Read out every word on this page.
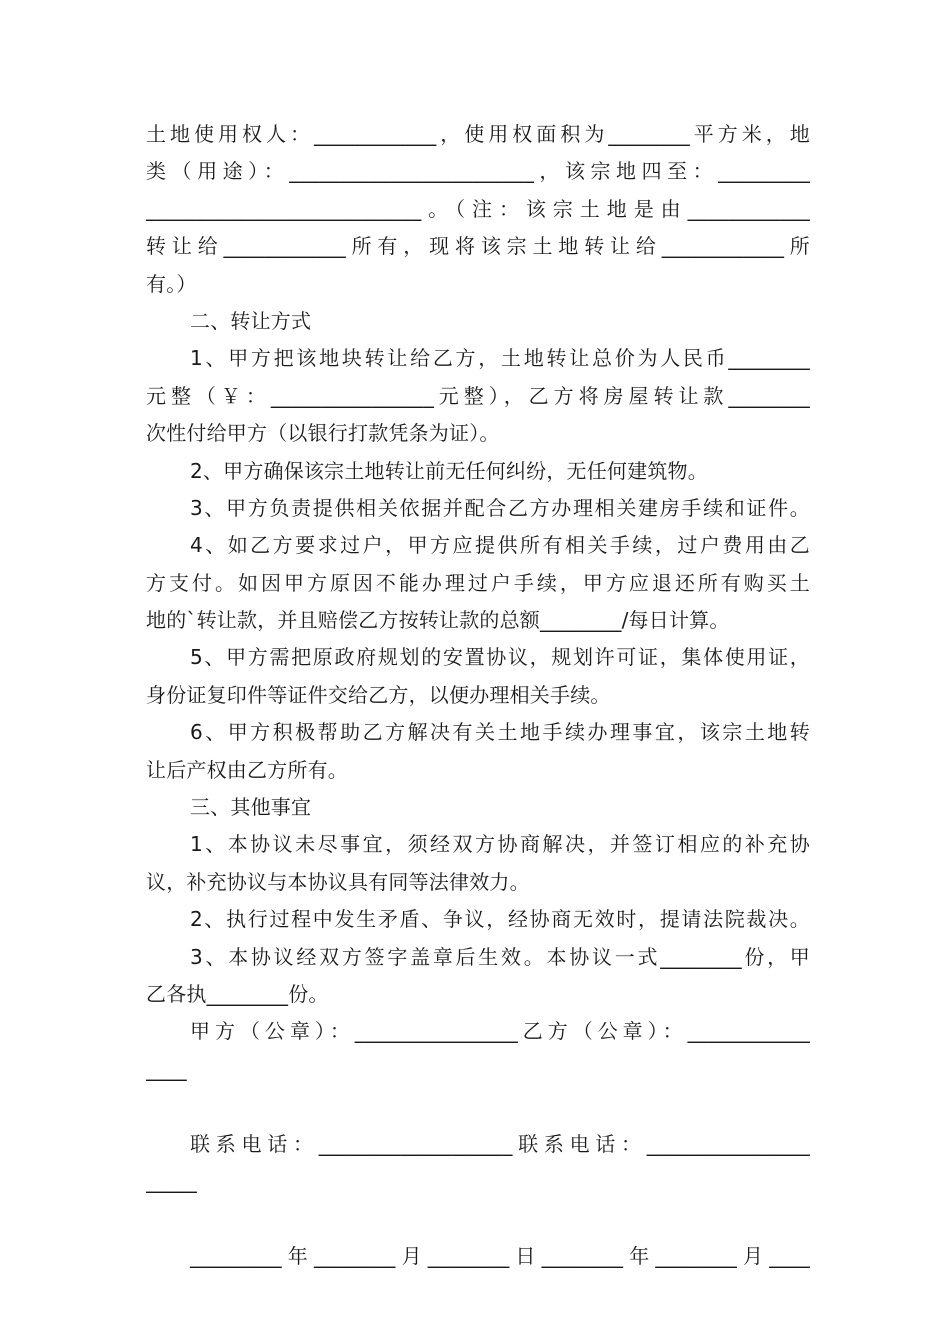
土地使用权人：____________，使用权面积为________平方米，地
类（用途）：________________________，该宗地四至：_________
___________________________。（注：该宗土地是由____________
转让给____________所有，现将该宗土地转让给____________所
有。）
二、转让方式
1、甲方把该地块转让给乙方，土地转让总价为人民币________
元整（￥：________________元整），乙方将房屋转让款________
次性付给甲方（以银行打款凭条为证）。
2、甲方确保该宗土地转让前无任何纠纷，无任何建筑物。
3、甲方负责提供相关依据并配合乙方办理相关建房手续和证件。
4、如乙方要求过户，甲方应提供所有相关手续，过户费用由乙
方支付。如因甲方原因不能办理过户手续，甲方应退还所有购买土
地的`转让款，并且赔偿乙方按转让款的总额________/每日计算。
5、甲方需把原政府规划的安置协议，规划许可证，集体使用证，
身份证复印件等证件交给乙方，以便办理相关手续。
6、甲方积极帮助乙方解决有关土地手续办理事宜，该宗土地转
让后产权由乙方所有。
三、其他事宜
1、本协议未尽事宜，须经双方协商解决，并签订相应的补充协
议，补充协议与本协议具有同等法律效力。
2、执行过程中发生矛盾、争议，经协商无效时，提请法院裁决。
3、本协议经双方签字盖章后生效。本协议一式________份，甲
乙各执________份。
甲方（公章）：________________乙方（公章）：____________
____
联系电话：___________________联系电话：________________
_____
_________年________月________日________年________月____
